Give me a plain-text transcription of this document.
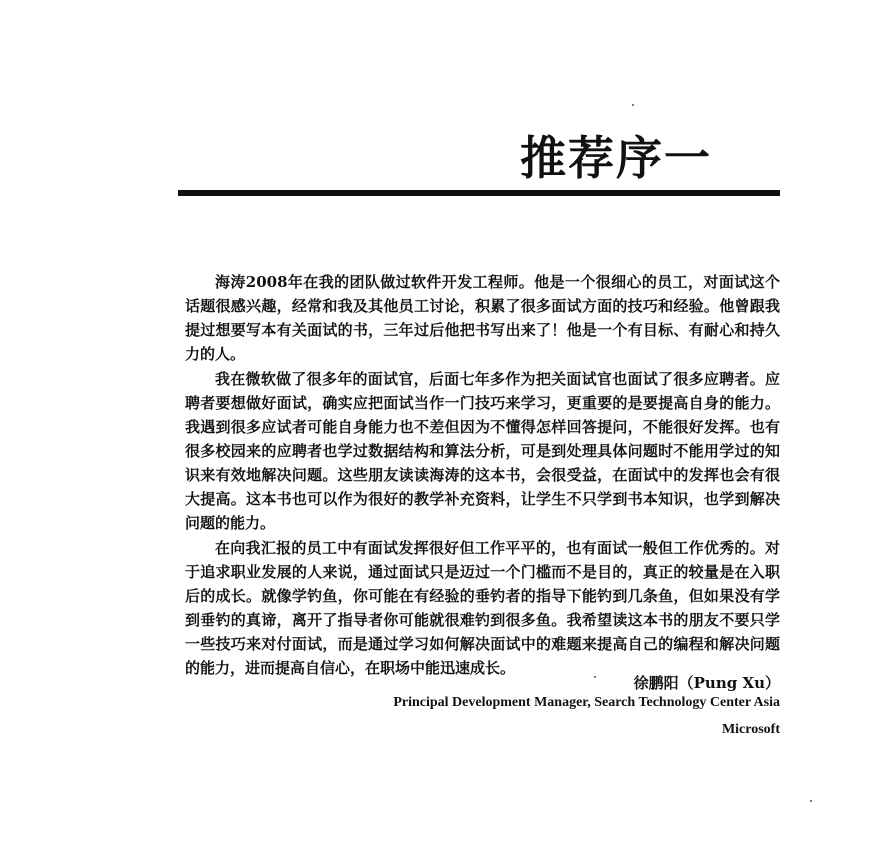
推荐序一

海涛2008年在我的团队做过软件开发工程师。他是一个很细心的员工，对面试这个话题很感兴趣，经常和我及其他员工讨论，积累了很多面试方面的技巧和经验。他曾跟我提过想要写本有关面试的书，三年过后他把书写出来了！他是一个有目标、有耐心和持久力的人。

我在微软做了很多年的面试官，后面七年多作为把关面试官也面试了很多应聘者。应聘者要想做好面试，确实应把面试当作一门技巧来学习，更重要的是要提高自身的能力。我遇到很多应试者可能自身能力也不差但因为不懂得怎样回答提问，不能很好发挥。也有很多校园来的应聘者也学过数据结构和算法分析，可是到处理具体问题时不能用学过的知识来有效地解决问题。这些朋友读读海涛的这本书，会很受益，在面试中的发挥也会有很大提高。这本书也可以作为很好的教学补充资料，让学生不只学到书本知识，也学到解决问题的能力。

在向我汇报的员工中有面试发挥很好但工作平平的，也有面试一般但工作优秀的。对于追求职业发展的人来说，通过面试只是迈过一个门槛而不是目的，真正的较量是在入职后的成长。就像学钓鱼，你可能在有经验的垂钓者的指导下能钓到几条鱼，但如果没有学到垂钓的真谛，离开了指导者你可能就很难钓到很多鱼。我希望读这本书的朋友不要只学一些技巧来对付面试，而是通过学习如何解决面试中的难题来提高自己的编程和解决问题的能力，进而提高自信心，在职场中能迅速成长。

徐鹏阳（Pung Xu）
Principal Development Manager, Search Technology Center Asia
Microsoft
